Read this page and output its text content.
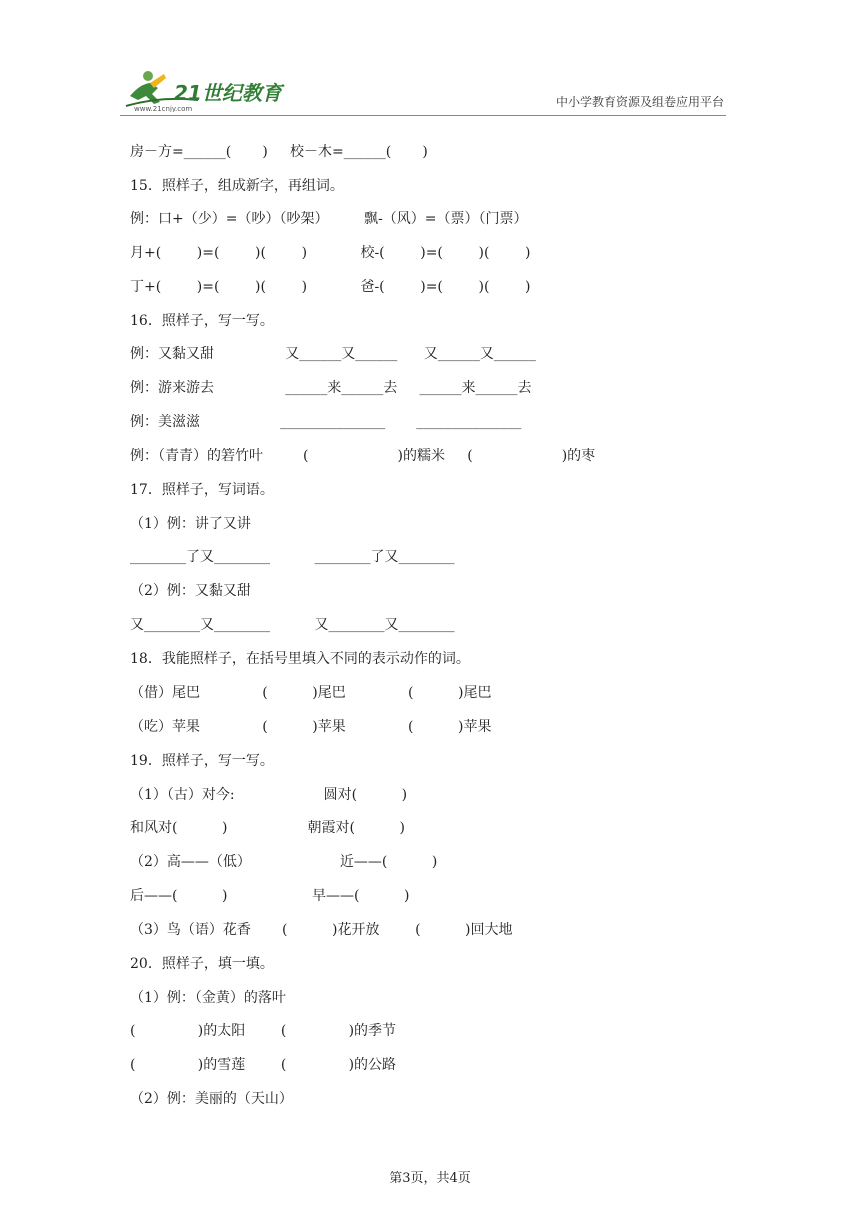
21世纪教育
www.21cnjy.com	中小学教育资源及组卷应用平台
房－方=______(       )     校－木=______(       )
15．照样子，组成新字，再组词。
例：口+（少）=（吵）（吵架）        飘-（风）=（票）（门票）
月+(        )=(        )(        )            校-(        )=(        )(        )
丁+(        )=(        )(        )            爸-(        )=(        )(        )
16．照样子，写一写。
例：又黏又甜                又______又______      又______又______
例：游来游去                ______来______去     ______来______去
例：美滋滋                  _______________       _______________
例：（青青）的箬竹叶         (                    )的糯米     (                    )的枣
17．照样子，写词语。
（1）例：讲了又讲
________了又________          ________了又________
（2）例：又黏又甜
又________又________          又________又________
18．我能照样子，在括号里填入不同的表示动作的词。
（借）尾巴              (          )尾巴              (          )尾巴
（吃）苹果              (          )苹果              (          )苹果
19．照样子，写一写。
（1）（古）对今:                    圆对(          )
和风对(          )                  朝霞对(          )
（2）高——（低）                    近——(          )
后——(          )                   早——(          )
（3）鸟（语）花香       (          )花开放        (          )回大地
20．照样子，填一填。
（1）例：（金黄）的落叶
(              )的太阳        (              )的季节
(              )的雪莲        (              )的公路
（2）例：美丽的（天山）
第3页，共4页
